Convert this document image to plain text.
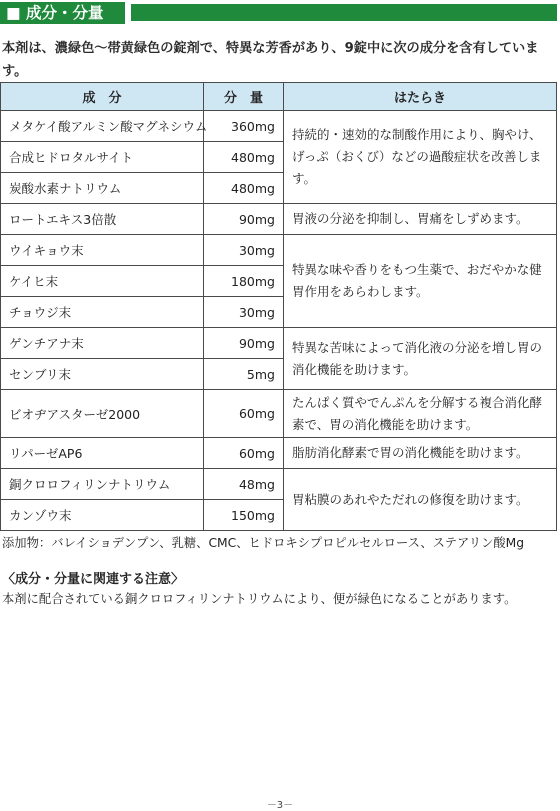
■ 成分・分量
本剤は、濃緑色～帯黄緑色の錠剤で、特異な芳香があり、9錠中に次の成分を含有しています。
成　分	分　量	はたらき
メタケイ酸アルミン酸マグネシウム	360mg	持続的・速効的な制酸作用により、胸やけ、げっぷ（おくび）などの過酸症状を改善します。
合成ヒドロタルサイト	480mg	
炭酸水素ナトリウム	480mg	
ロートエキス3倍散	90mg	胃液の分泌を抑制し、胃痛をしずめます。
ウイキョウ末	30mg	特異な味や香りをもつ生薬で、おだやかな健胃作用をあらわします。
ケイヒ末	180mg	
チョウジ末	30mg	
ゲンチアナ末	90mg	特異な苦味によって消化液の分泌を増し胃の消化機能を助けます。
センブリ末	5mg	
ビオヂアスターゼ2000	60mg	たんぱく質やでんぷんを分解する複合消化酵素で、胃の消化機能を助けます。
リパーゼAP6	60mg	脂肪消化酵素で胃の消化機能を助けます。
銅クロロフィリンナトリウム	48mg	胃粘膜のあれやただれの修復を助けます。
カンゾウ末	150mg	
添加物：バレイショデンプン、乳糖、CMC、ヒドロキシプロピルセルロース、ステアリン酸Mg
〈成分・分量に関連する注意〉
本剤に配合されている銅クロロフィリンナトリウムにより、便が緑色になることがあります。
－3－
